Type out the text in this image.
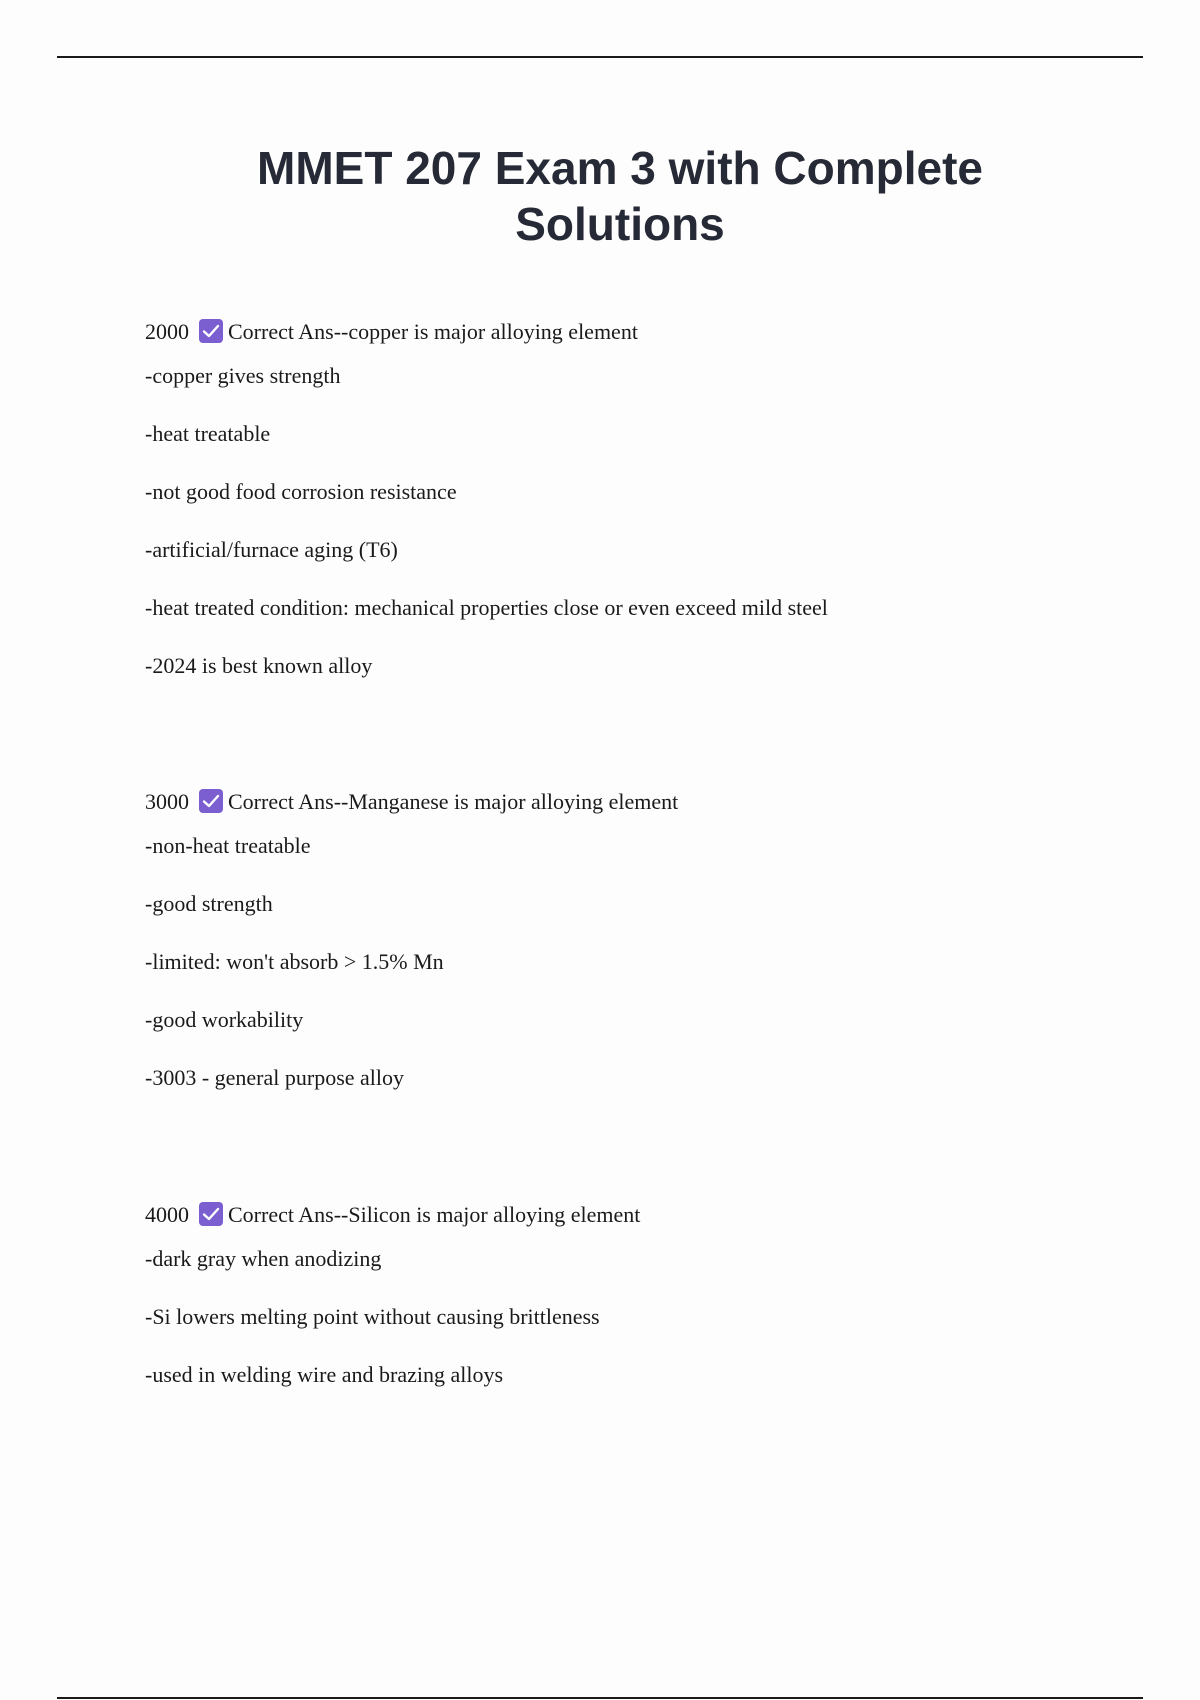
MMET 207 Exam 3 with Complete Solutions
2000 Correct Ans--copper is major alloying element
-copper gives strength
-heat treatable
-not good food corrosion resistance
-artificial/furnace aging (T6)
-heat treated condition: mechanical properties close or even exceed mild steel
-2024 is best known alloy
3000 Correct Ans--Manganese is major alloying element
-non-heat treatable
-good strength
-limited: won't absorb > 1.5% Mn
-good workability
-3003 - general purpose alloy
4000 Correct Ans--Silicon is major alloying element
-dark gray when anodizing
-Si lowers melting point without causing brittleness
-used in welding wire and brazing alloys
